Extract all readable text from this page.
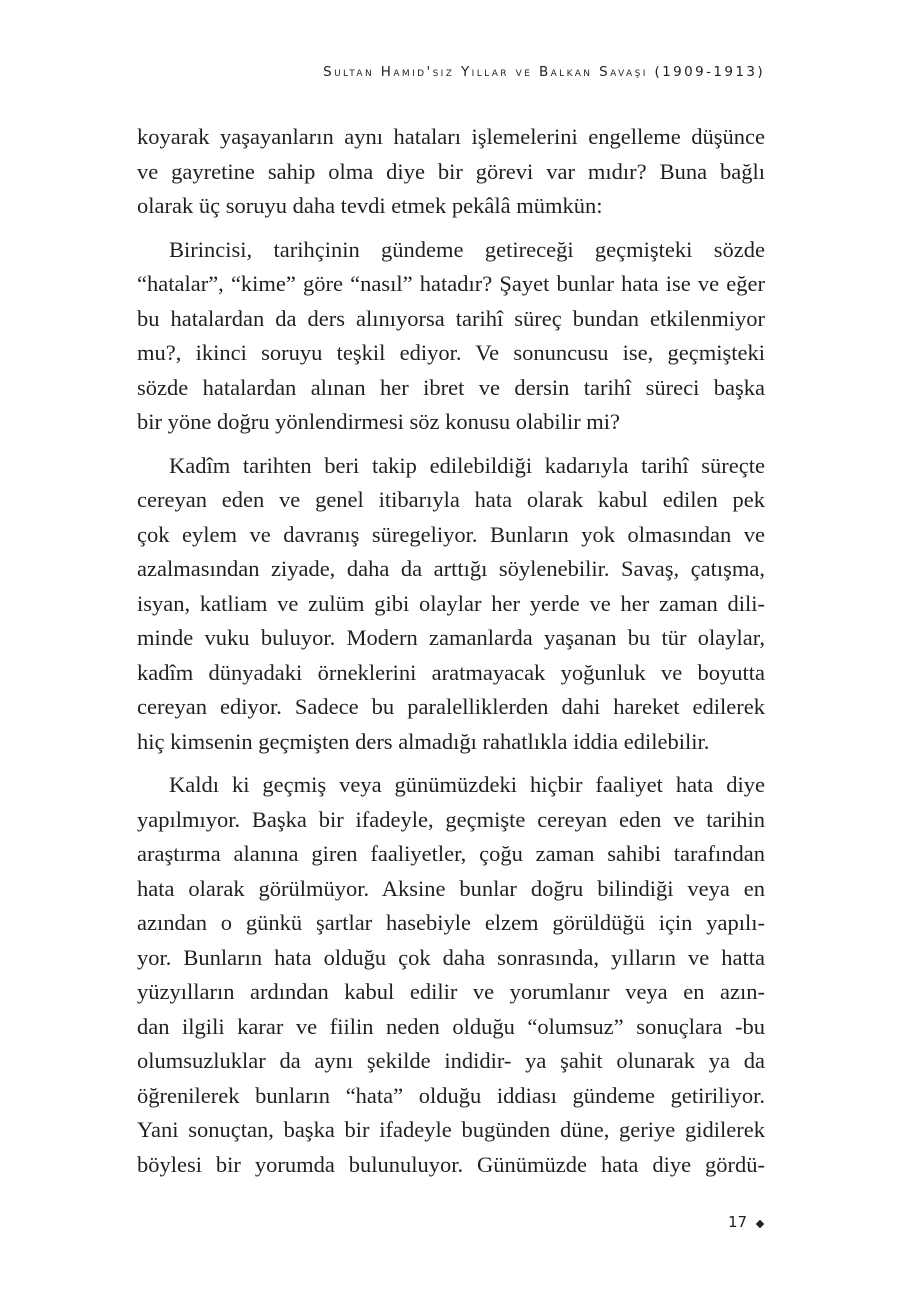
Sultan Hamid'siz Yıllar ve Balkan Savaşı (1909-1913)

koyarak yaşayanların aynı hataları işlemelerini engelleme düşünce
ve gayretine sahip olma diye bir görevi var mıdır? Buna bağlı
olarak üç soruyu daha tevdi etmek pekâlâ mümkün:

Birincisi, tarihçinin gündeme getireceği geçmişteki sözde
“hatalar”, “kime” göre “nasıl” hatadır? Şayet bunlar hata ise ve eğer
bu hatalardan da ders alınıyorsa tarihî süreç bundan etkilenmiyor
mu?, ikinci soruyu teşkil ediyor. Ve sonuncusu ise, geçmişteki
sözde hatalardan alınan her ibret ve dersin tarihî süreci başka
bir yöne doğru yönlendirmesi söz konusu olabilir mi?

Kadîm tarihten beri takip edilebildiği kadarıyla tarihî süreçte
cereyan eden ve genel itibarıyla hata olarak kabul edilen pek
çok eylem ve davranış süregeliyor. Bunların yok olmasından ve
azalmasından ziyade, daha da arttığı söylenebilir. Savaş, çatışma,
isyan, katliam ve zulüm gibi olaylar her yerde ve her zaman dili-
minde vuku buluyor. Modern zamanlarda yaşanan bu tür olaylar,
kadîm dünyadaki örneklerini aratmayacak yoğunluk ve boyutta
cereyan ediyor. Sadece bu paralelliklerden dahi hareket edilerek
hiç kimsenin geçmişten ders almadığı rahatlıkla iddia edilebilir.

Kaldı ki geçmiş veya günümüzdeki hiçbir faaliyet hata diye
yapılmıyor. Başka bir ifadeyle, geçmişte cereyan eden ve tarihin
araştırma alanına giren faaliyetler, çoğu zaman sahibi tarafından
hata olarak görülmüyor. Aksine bunlar doğru bilindiği veya en
azından o günkü şartlar hasebiyle elzem görüldüğü için yapılı-
yor. Bunların hata olduğu çok daha sonrasında, yılların ve hatta
yüzyılların ardından kabul edilir ve yorumlanır veya en azın-
dan ilgili karar ve fiilin neden olduğu “olumsuz” sonuçlara -bu
olumsuzluklar da aynı şekilde indidir- ya şahit olunarak ya da
öğrenilerek bunların “hata” olduğu iddiası gündeme getiriliyor.
Yani sonuçtan, başka bir ifadeyle bugünden düne, geriye gidilerek
böylesi bir yorumda bulunuluyor. Günümüzde hata diye gördü-

17
